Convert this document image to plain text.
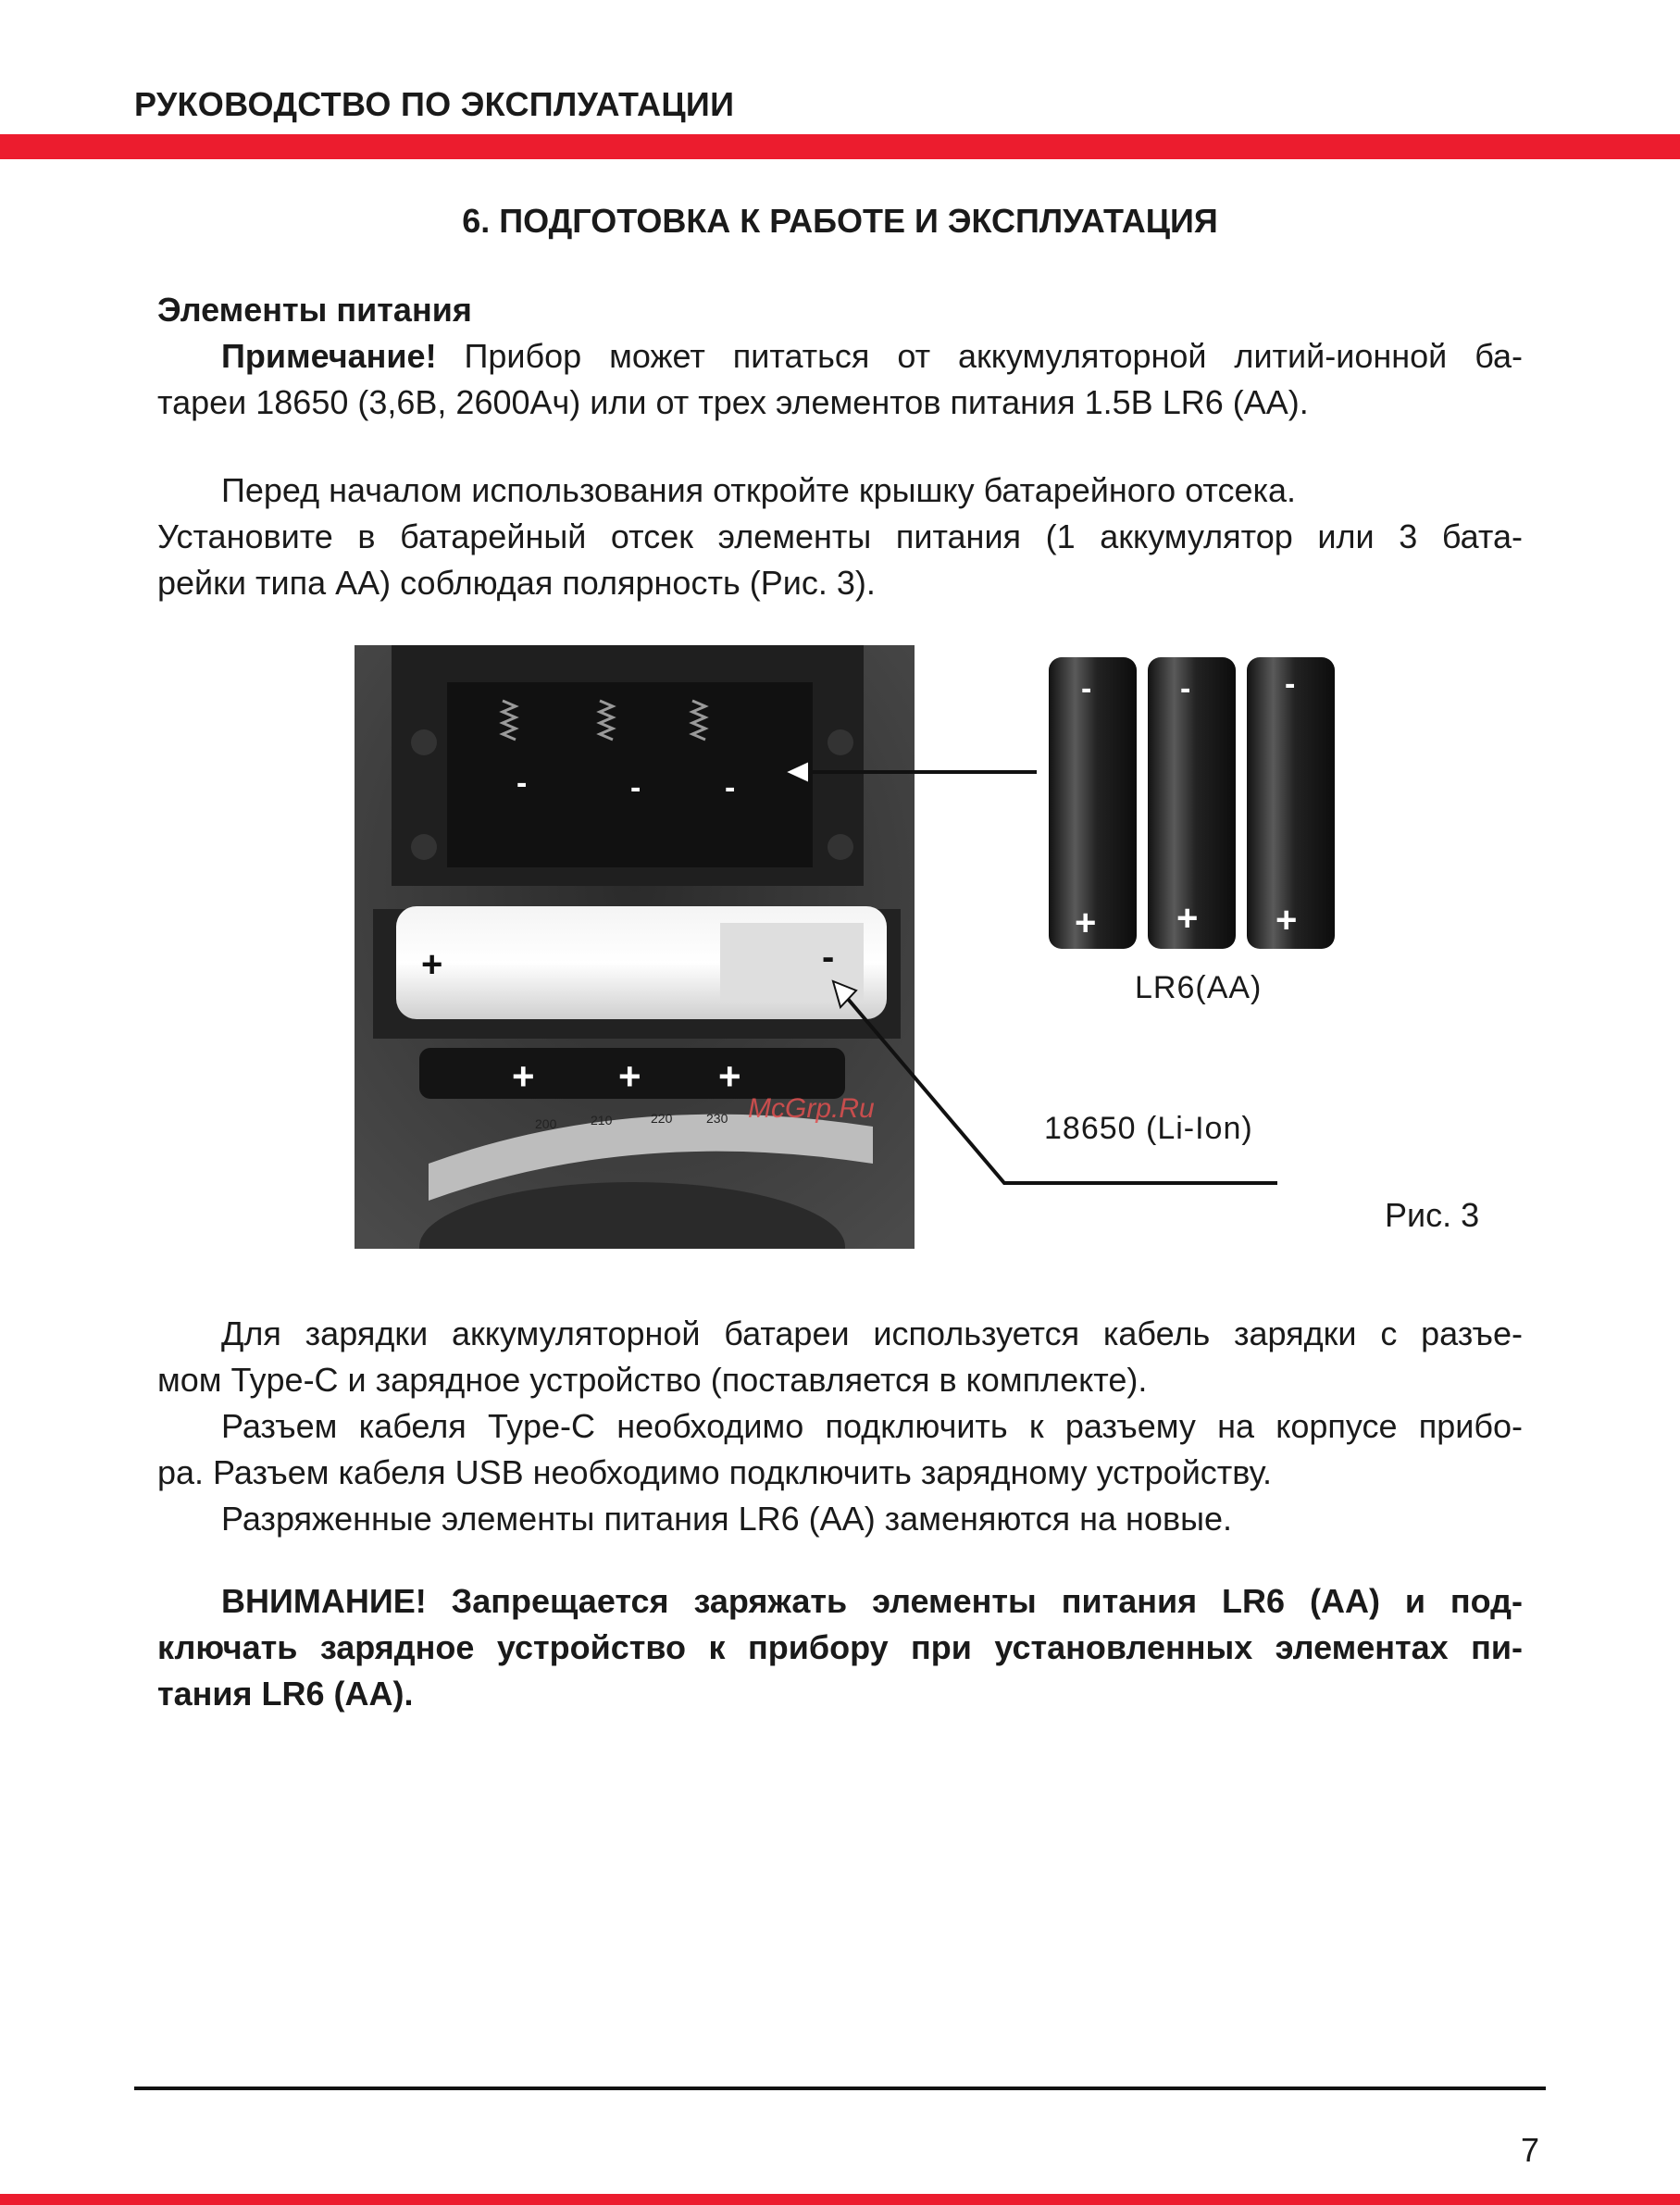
РУКОВОДСТВО ПО ЭКСПЛУАТАЦИИ
6. ПОДГОТОВКА К РАБОТЕ И ЭКСПЛУАТАЦИЯ
Элементы питания
Примечание! Прибор может питаться от аккумуляторной литий-ионной ба-
тареи 18650 (3,6В, 2600Ач) или от трех элементов питания 1.5В LR6 (АА).
Перед началом использования откройте крышку батарейного отсека.
Установите в батарейный отсек элементы питания (1 аккумулятор или 3 бата-
рейки типа АА) соблюдая полярность (Рис. 3).
-	-	-
+	-
+ + +
200	210	220	230 McGrp.Ru
-	-	-
+ + +
LR6(AA)
18650 (Li-Ion)
Рис. 3
Для зарядки аккумуляторной батареи используется кабель зарядки с разъе-
мом Type-C и зарядное устройство (поставляется в комплекте).
Разъем кабеля Type-C необходимо подключить к разъему на корпусе прибо-
ра. Разъем кабеля USB необходимо подключить зарядному устройству.
Разряженные элементы питания LR6 (АА) заменяются на новые.
ВНИМАНИЕ! Запрещается заряжать элементы питания LR6 (АА) и под-
ключать зарядное устройство к прибору при установленных элементах пи-
тания LR6 (АА).
7
